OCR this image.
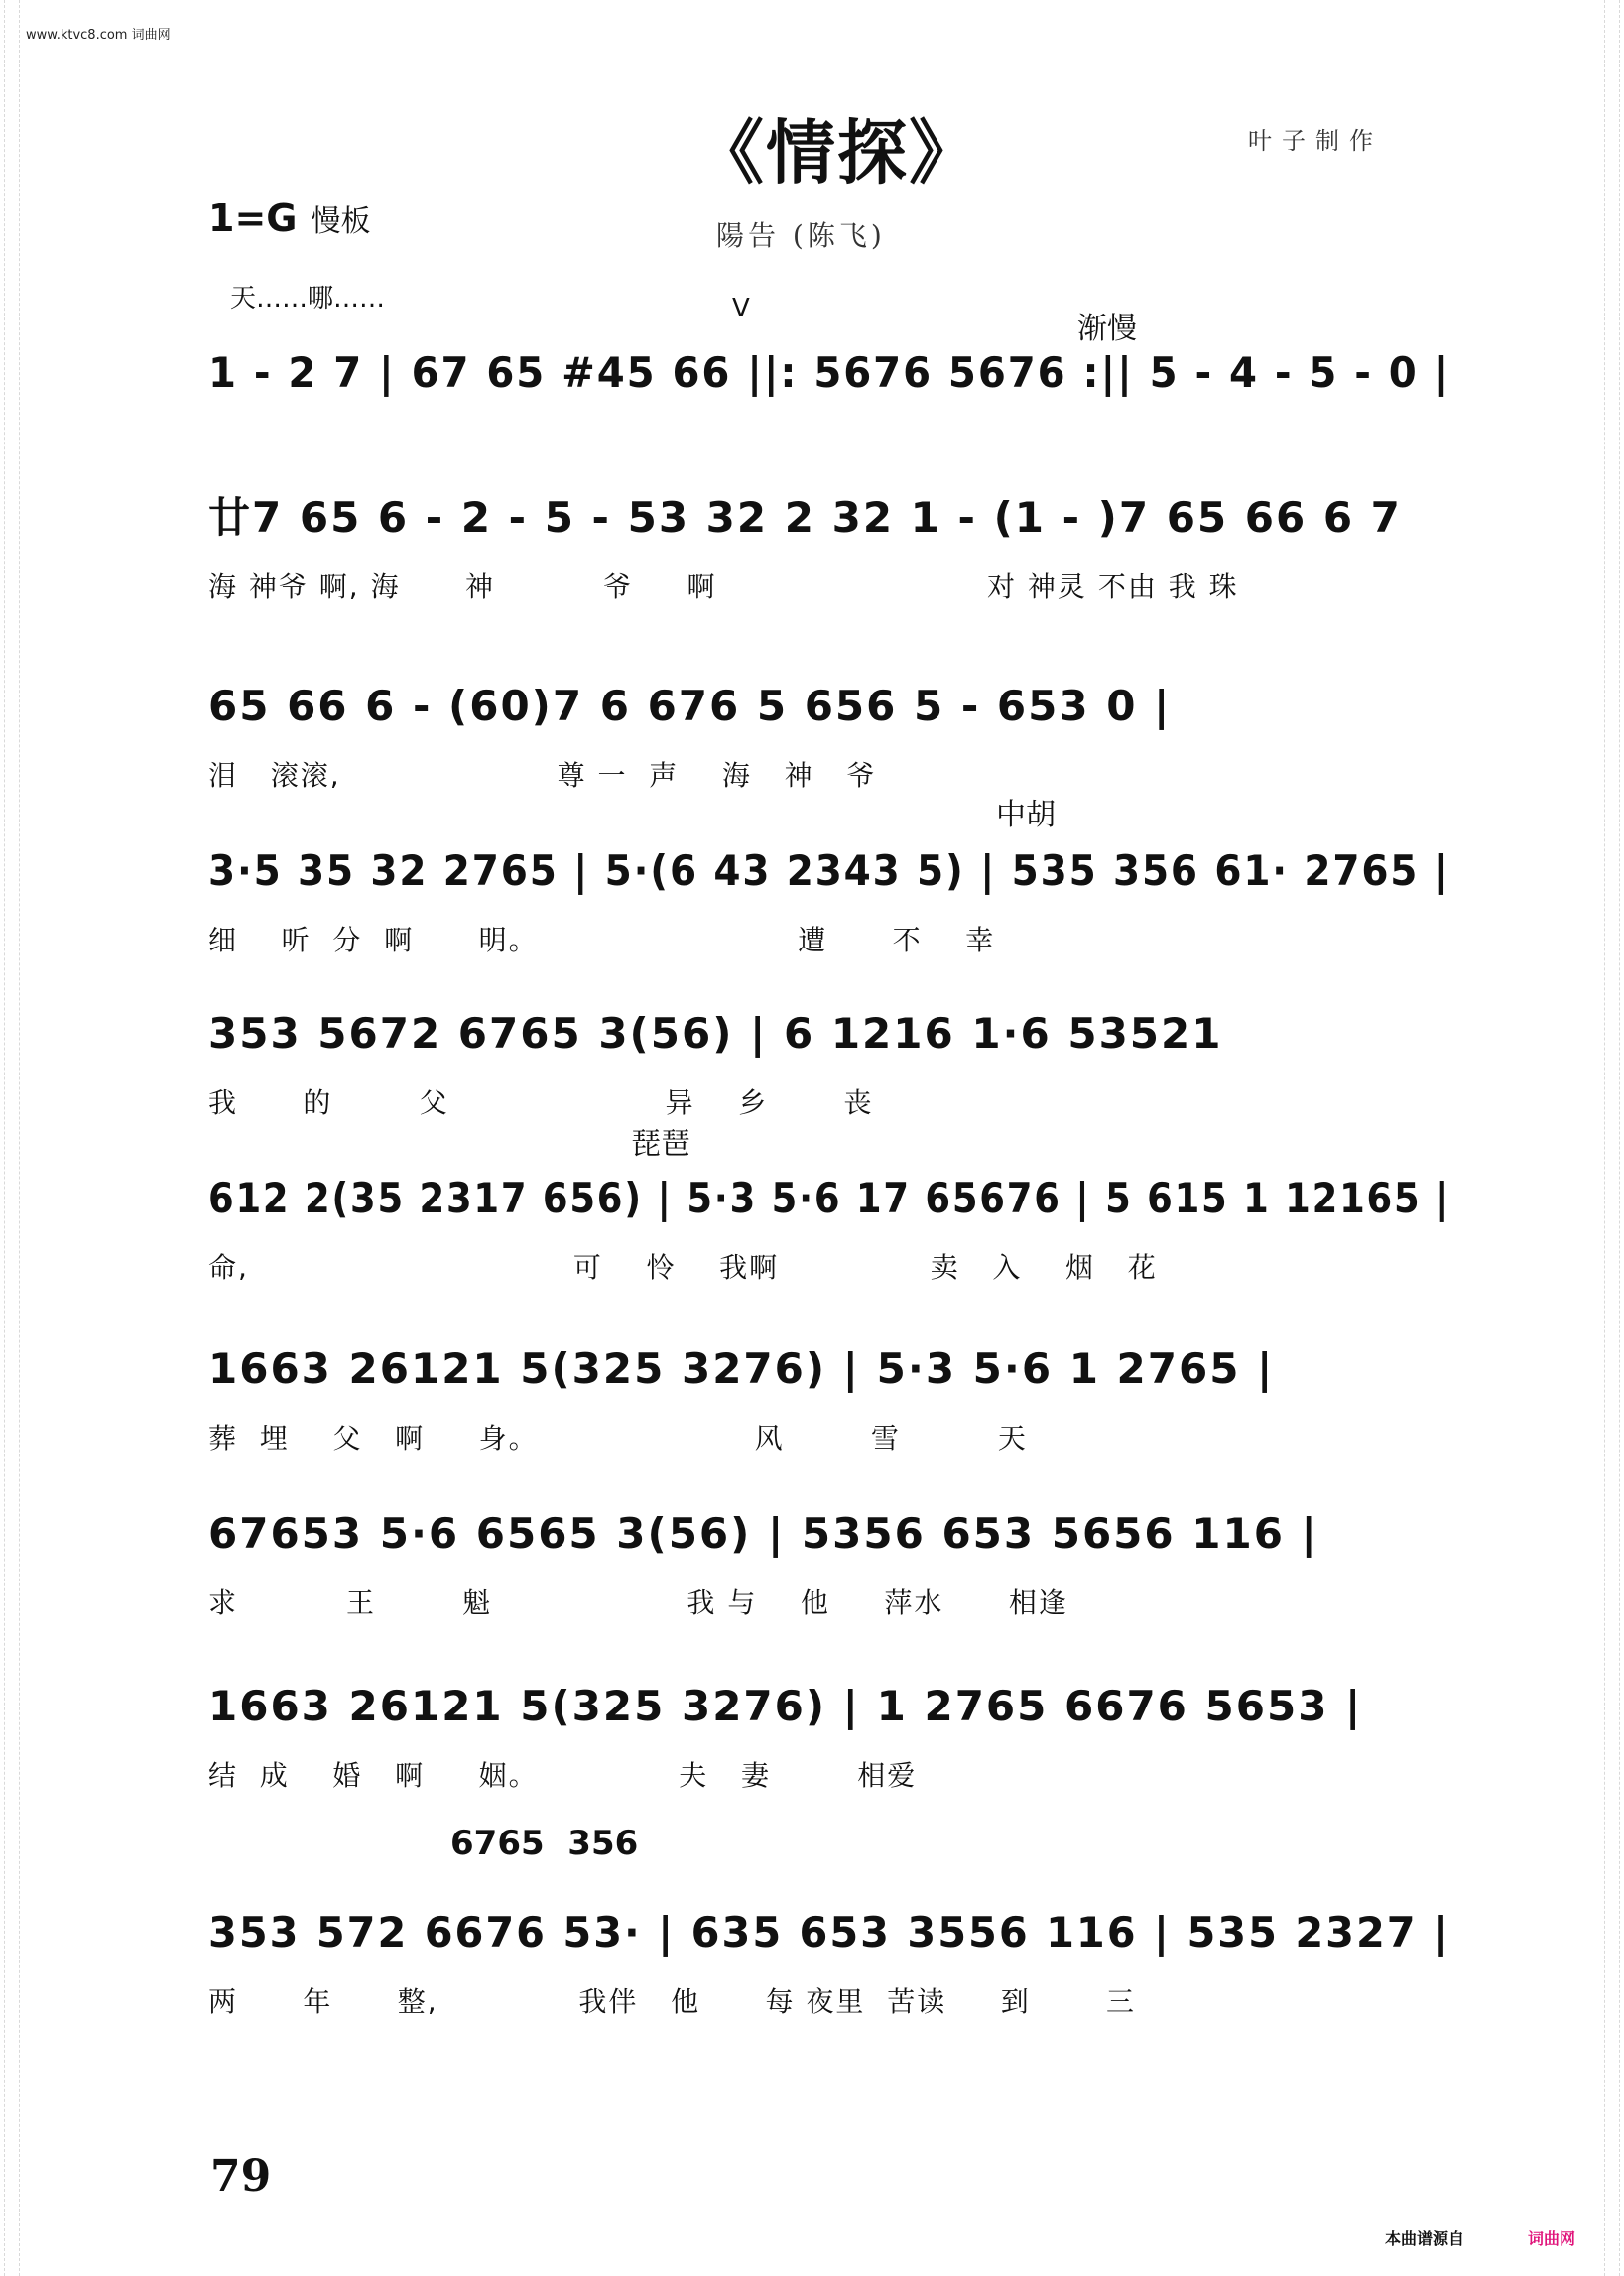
www.ktvc8.com 词曲网
《情探》	叶子制作
1=G 慢板	陽告 (陈飞)
天……哪……	V
渐慢
1 - 2 7 | 67 65 #45 66 ||: 5676 5676 :|| 5 - 4 - 5 - 0 |
廿7 65 6 - 2 - 5 - 53 32 2 32 1 - (1 - )7 65 66 6 7
海 神爷 啊, 海      神          爷     啊                         对 神灵 不由 我 珠
65 66 6 - (60)7 6 676 5 656 5 - 653 0 |
泪   滚滚,                    尊 一  声    海   神   爷
中胡
3·5 35 32 2765 | 5·(6 43 2343 5) | 535 356 61· 2765 |
细    听  分  啊      明。                        遭      不    幸
353 5672 6765 3(56) | 6 1216 1·6 53521
我      的        父                    异    乡       丧
琵琶
612 2(35 2317 656) | 5·3 5·6 17 65676 | 5 615 1 12165 |
命,                              可    怜    我啊              卖   入    烟   花
1663 26121 5(325 3276) | 5·3 5·6 1 2765 |
葬  埋    父   啊     身。                    风        雪         天
67653 5·6 6565 3(56) | 5356 653 5656 116 |
求          王        魁                  我 与    他     萍水      相逢
1663 26121 5(325 3276) | 1 2765 6676 5653 |
结  成    婚   啊     姻。             夫   妻        相爱
6765  356
353 572 6676 53· | 635 653 3556 116 | 535 2327 |
两      年      整,             我伴   他      每 夜里  苦读     到       三
79
本曲谱源自	词曲网
